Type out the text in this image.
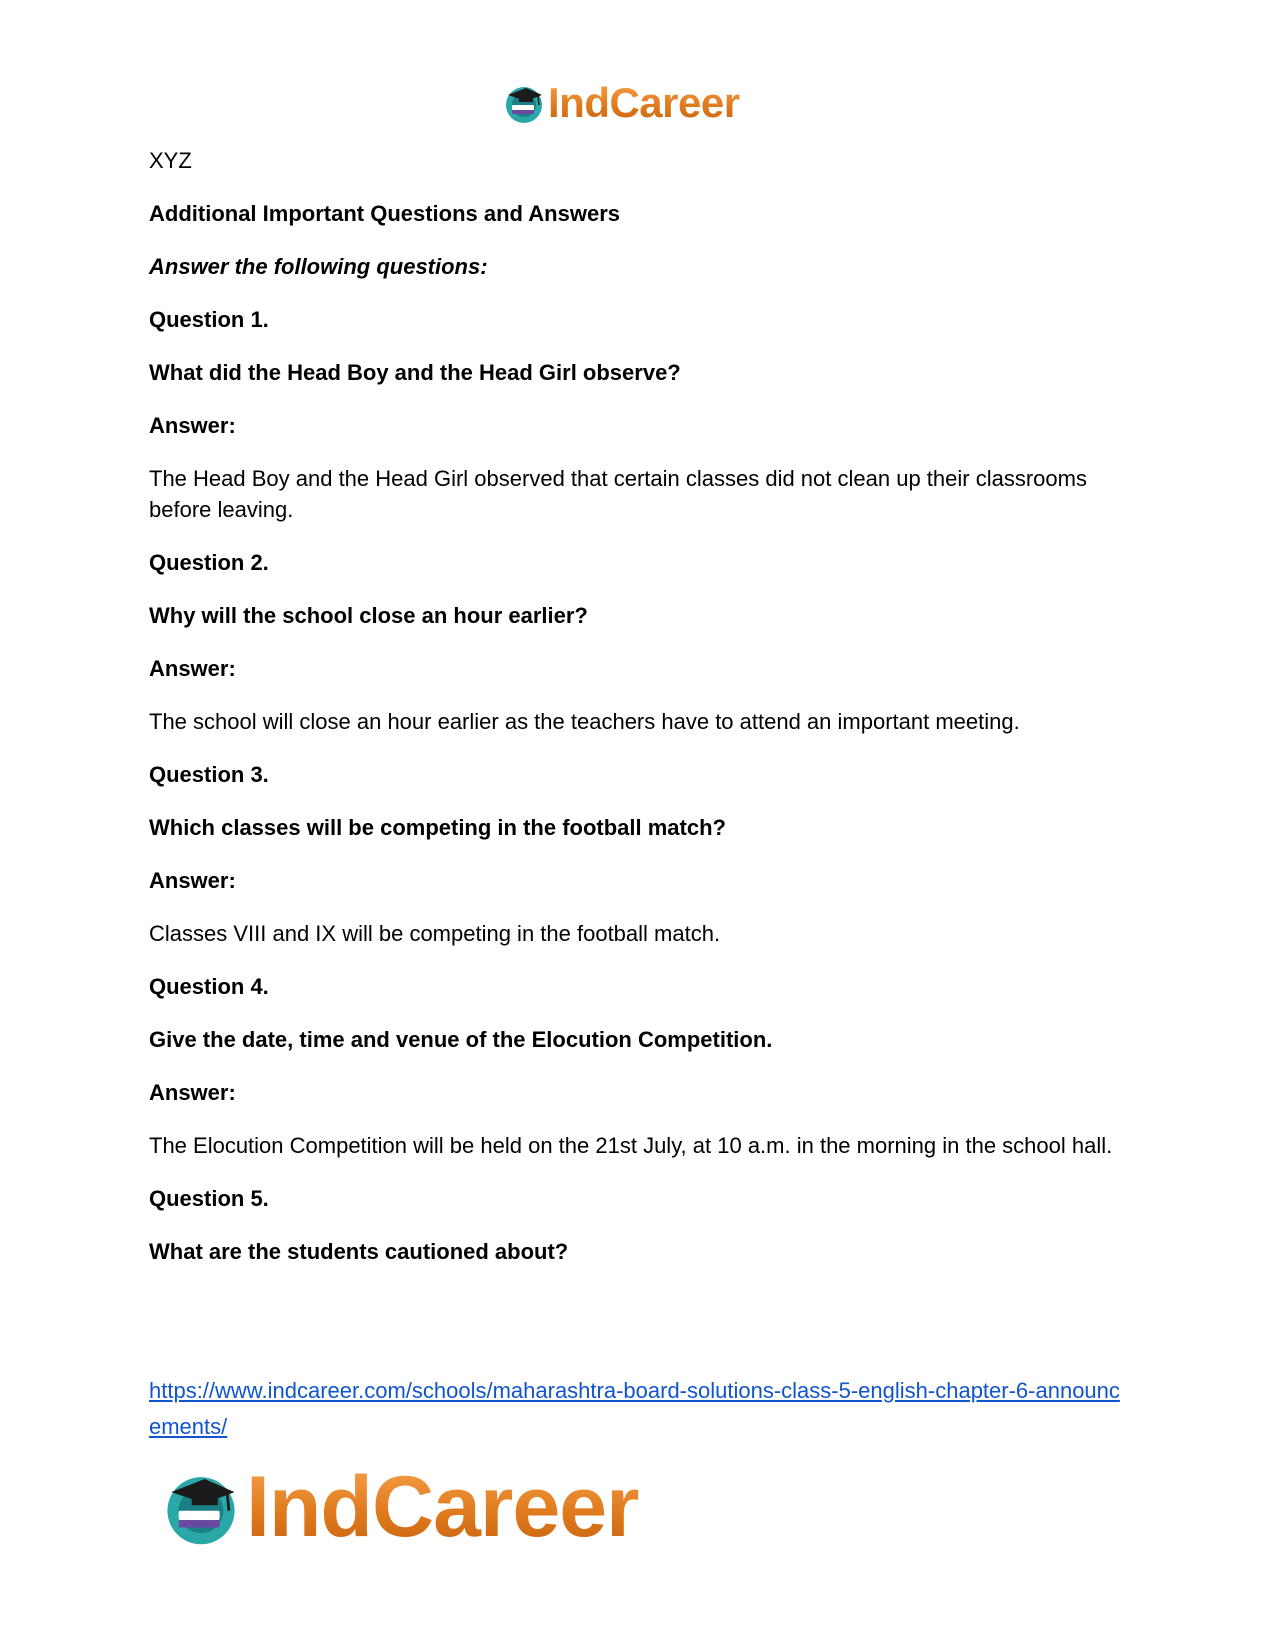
IndCareer

XYZ

Additional Important Questions and Answers

Answer the following questions:

Question 1.

What did the Head Boy and the Head Girl observe?

Answer:

The Head Boy and the Head Girl observed that certain classes did not clean up their classrooms before leaving.

Question 2.

Why will the school close an hour earlier?

Answer:

The school will close an hour earlier as the teachers have to attend an important meeting.

Question 3.

Which classes will be competing in the football match?

Answer:

Classes VIII and IX will be competing in the football match.

Question 4.

Give the date, time and venue of the Elocution Competition.

Answer:

The Elocution Competition will be held on the 21st July, at 10 a.m. in the morning in the school hall.

Question 5.

What are the students cautioned about?

https://www.indcareer.com/schools/maharashtra-board-solutions-class-5-english-chapter-6-announcements/
IndCareer
